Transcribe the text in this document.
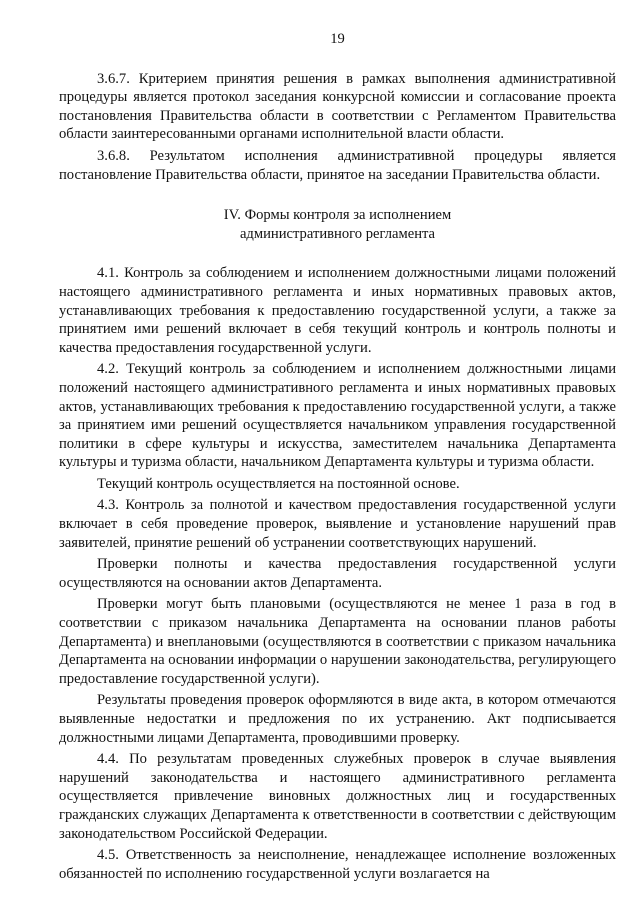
19

3.6.7. Критерием принятия решения в рамках выполнения административной процедуры является протокол заседания конкурсной комиссии и согласование проекта постановления Правительства области в соответствии с Регламентом Правительства области заинтересованными органами исполнительной власти области.

3.6.8. Результатом исполнения административной процедуры является постановление Правительства области, принятое на заседании Правительства области.

IV. Формы контроля за исполнением
административного регламента

4.1. Контроль за соблюдением и исполнением должностными лицами положений настоящего административного регламента и иных нормативных правовых актов, устанавливающих требования к предоставлению государственной услуги, а также за принятием ими решений включает в себя текущий контроль и контроль полноты и качества предоставления государственной услуги.

4.2. Текущий контроль за соблюдением и исполнением должностными лицами положений настоящего административного регламента и иных нормативных правовых актов, устанавливающих требования к предоставлению государственной услуги, а также за принятием ими решений осуществляется начальником управления государственной политики в сфере культуры и искусства, заместителем начальника Департамента культуры и туризма области, начальником Департамента культуры и туризма области.

Текущий контроль осуществляется на постоянной основе.

4.3. Контроль за полнотой и качеством предоставления государственной услуги включает в себя проведение проверок, выявление и установление нарушений прав заявителей, принятие решений об устранении соответствующих нарушений.

Проверки полноты и качества предоставления государственной услуги осуществляются на основании актов Департамента.

Проверки могут быть плановыми (осуществляются не менее 1 раза в год в соответствии с приказом начальника Департамента на основании планов работы Департамента) и внеплановыми (осуществляются в соответствии с приказом начальника Департамента на основании информации о нарушении законодательства, регулирующего предоставление государственной услуги).

Результаты проведения проверок оформляются в виде акта, в котором отмечаются выявленные недостатки и предложения по их устранению. Акт подписывается должностными лицами Департамента, проводившими проверку.

4.4. По результатам проведенных служебных проверок в случае выявления нарушений законодательства и настоящего административного регламента осуществляется привлечение виновных должностных лиц и государственных гражданских служащих Департамента к ответственности в соответствии с действующим законодательством Российской Федерации.

4.5. Ответственность за неисполнение, ненадлежащее исполнение возложенных обязанностей по исполнению государственной услуги возлагается на
